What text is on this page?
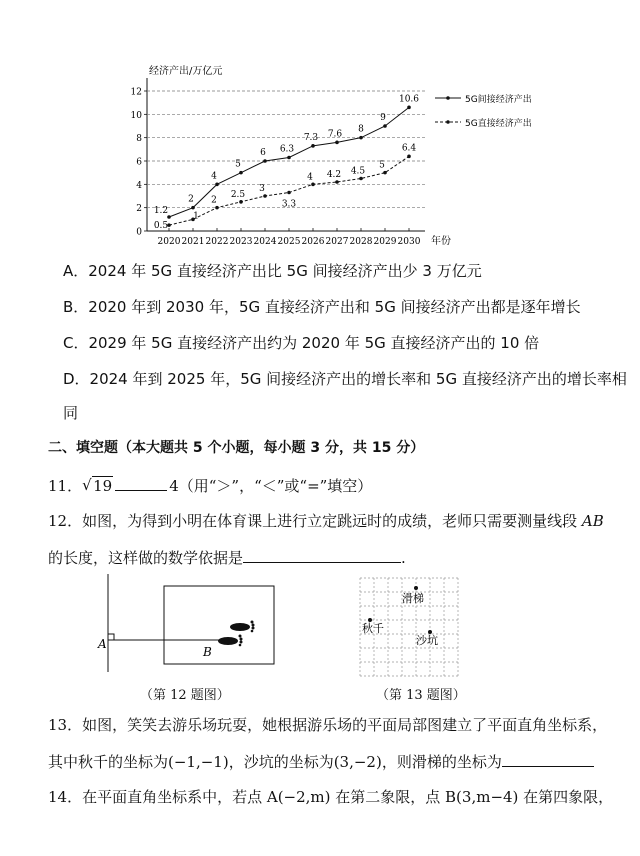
经济产出/万亿元
0
2
4
6
8
10
12
2020 2021 2022 2023 2024 2025 2026 2027 2028 2029 2030 年份
1.2
2
4
5
6 6.3
7.3 7.6 8
9
10.6
0.5
1
2
2.5
3
3.3
4 4.2 4.5
5
6.4
5G间接经济产出
5G直接经济产出
A．2024 年 5G 直接经济产出比 5G 间接经济产出少 3 万亿元
B．2020 年到 2030 年，5G 直接经济产出和 5G 间接经济产出都是逐年增长
C．2029 年 5G 直接经济产出约为 2020 年 5G 直接经济产出的 10 倍
D．2024 年到 2025 年，5G 间接经济产出的增长率和 5G 直接经济产出的增长率相
同
二、填空题（本大题共 5 个小题，每小题 3 分，共 15 分）
11． √ 19	4（用“＞”，“＜”或“=”填空）
12．如图，为得到小明在体育课上进行立定跳远时的成绩，老师只需要测量线段 AB
的长度，这样做的数学依据是	.
A
B
（第 12 题图）
滑梯
秋千
沙坑
（第 13 题图）
13．如图，笑笑去游乐场玩耍，她根据游乐场的平面局部图建立了平面直角坐标系，
其中秋千的坐标为(−1,−1)，沙坑的坐标为(3,−2)，则滑梯的坐标为
14．在平面直角坐标系中，若点 A(−2,m) 在第二象限，点 B(3,m−4) 在第四象限，
